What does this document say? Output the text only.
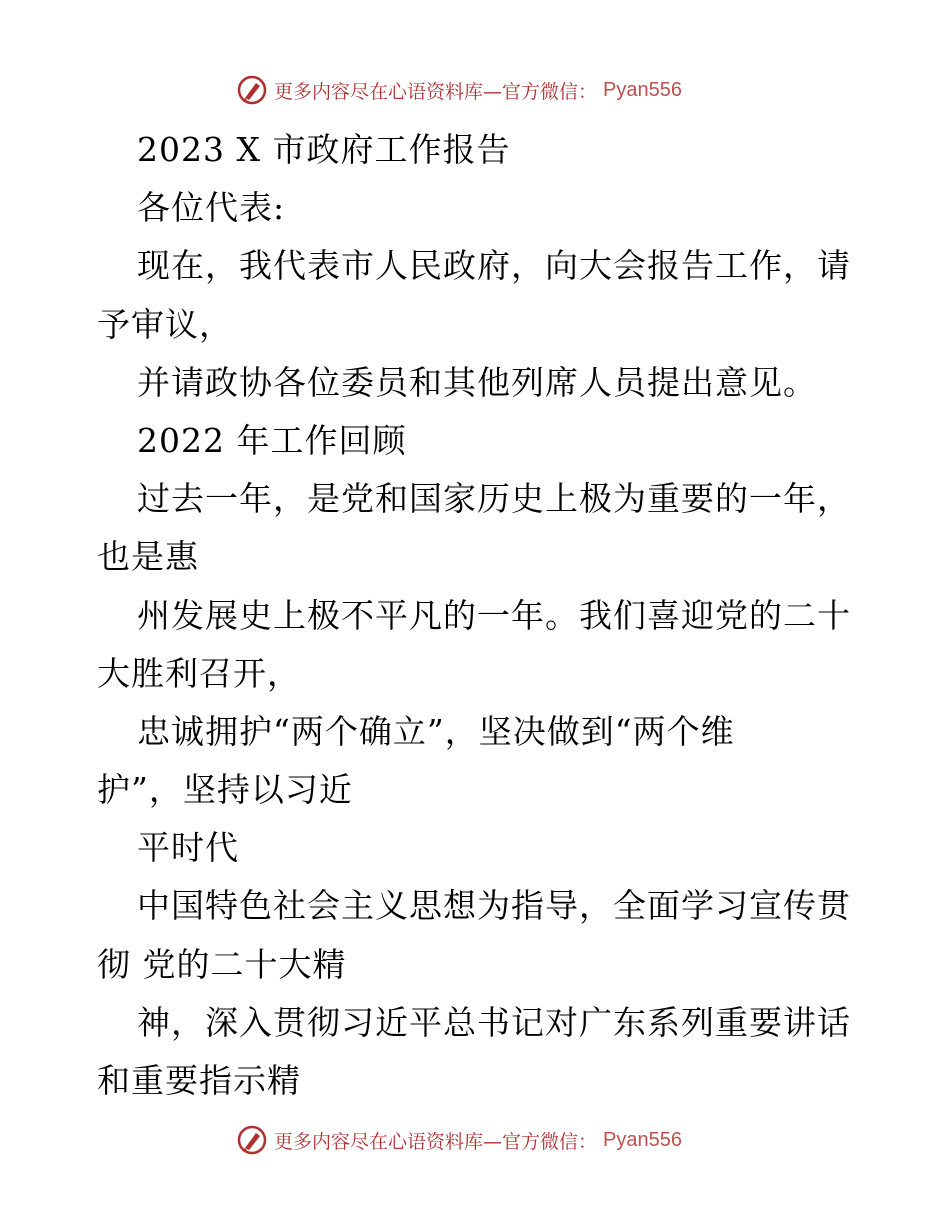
更多内容尽在心语资料库—官方微信： Pyan556
2023 X 市政府工作报告
各位代表:
现在，我代表市人民政府，向大会报告工作，请
予审议，
并请政协各位委员和其他列席人员提出意见。
2022 年工作回顾
过去一年，是党和国家历史上极为重要的一年，
也是惠
州发展史上极不平凡的一年。我们喜迎党的二十
大胜利召开，
忠诚拥护“两个确立”，坚决做到“两个维
护”，坚持以习近
平时代
中国特色社会主义思想为指导，全面学习宣传贯
彻 党的二十大精
神，深入贯彻习近平总书记对广东系列重要讲话
和重要指示精
更多内容尽在心语资料库—官方微信： Pyan556
